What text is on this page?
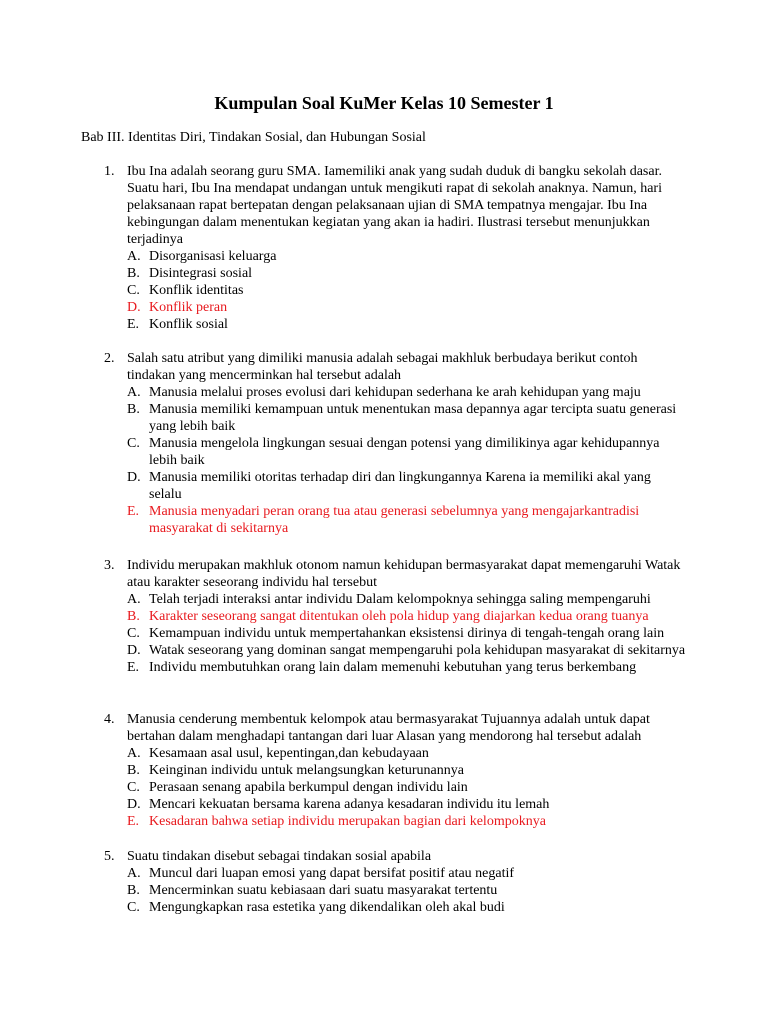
Kumpulan Soal KuMer Kelas 10 Semester 1
Bab III. Identitas Diri, Tindakan Sosial, dan Hubungan Sosial
1. Ibu Ina adalah seorang guru SMA. Iamemiliki anak yang sudah duduk di bangku sekolah dasar. Suatu hari, Ibu Ina mendapat undangan untuk mengikuti rapat di sekolah anaknya. Namun, hari pelaksanaan rapat bertepatan dengan pelaksanaan ujian di SMA tempatnya mengajar. Ibu Ina kebingungan dalam menentukan kegiatan yang akan ia hadiri. Ilustrasi tersebut menunjukkan terjadinya
A. Disorganisasi keluarga
B. Disintegrasi sosial
C. Konflik identitas
D. Konflik peran
E. Konflik sosial
2. Salah satu atribut yang dimiliki manusia adalah sebagai makhluk berbudaya berikut contoh tindakan yang mencerminkan hal tersebut adalah
A. Manusia melalui proses evolusi dari kehidupan sederhana ke arah kehidupan yang maju
B. Manusia memiliki kemampuan untuk menentukan masa depannya agar tercipta suatu generasi yang lebih baik
C. Manusia mengelola lingkungan sesuai dengan potensi yang dimilikinya agar kehidupannya lebih baik
D. Manusia memiliki otoritas terhadap diri dan lingkungannya Karena ia memiliki akal yang selalu
E. Manusia menyadari peran orang tua atau generasi sebelumnya yang mengajarkantradisi masyarakat di sekitarnya
3. Individu merupakan makhluk otonom namun kehidupan bermasyarakat dapat memengaruhi Watak atau karakter seseorang individu hal tersebut
A. Telah terjadi interaksi antar individu Dalam kelompoknya sehingga saling mempengaruhi
B. Karakter seseorang sangat ditentukan oleh pola hidup yang diajarkan kedua orang tuanya
C. Kemampuan individu untuk mempertahankan eksistensi dirinya di tengah-tengah orang lain
D. Watak seseorang yang dominan sangat mempengaruhi pola kehidupan masyarakat di sekitarnya
E. Individu membutuhkan orang lain dalam memenuhi kebutuhan yang terus berkembang
4. Manusia cenderung membentuk kelompok atau bermasyarakat Tujuannya adalah untuk dapat bertahan dalam menghadapi tantangan dari luar Alasan yang mendorong hal tersebut adalah
A. Kesamaan asal usul, kepentingan,dan kebudayaan
B. Keinginan individu untuk melangsungkan keturunannya
C. Perasaan senang apabila berkumpul dengan individu lain
D. Mencari kekuatan bersama karena adanya kesadaran individu itu lemah
E. Kesadaran bahwa setiap individu merupakan bagian dari kelompoknya
5. Suatu tindakan disebut sebagai tindakan sosial apabila
A. Muncul dari luapan emosi yang dapat bersifat positif atau negatif
B. Mencerminkan suatu kebiasaan dari suatu masyarakat tertentu
C. Mengungkapkan rasa estetika yang dikendalikan oleh akal budi
